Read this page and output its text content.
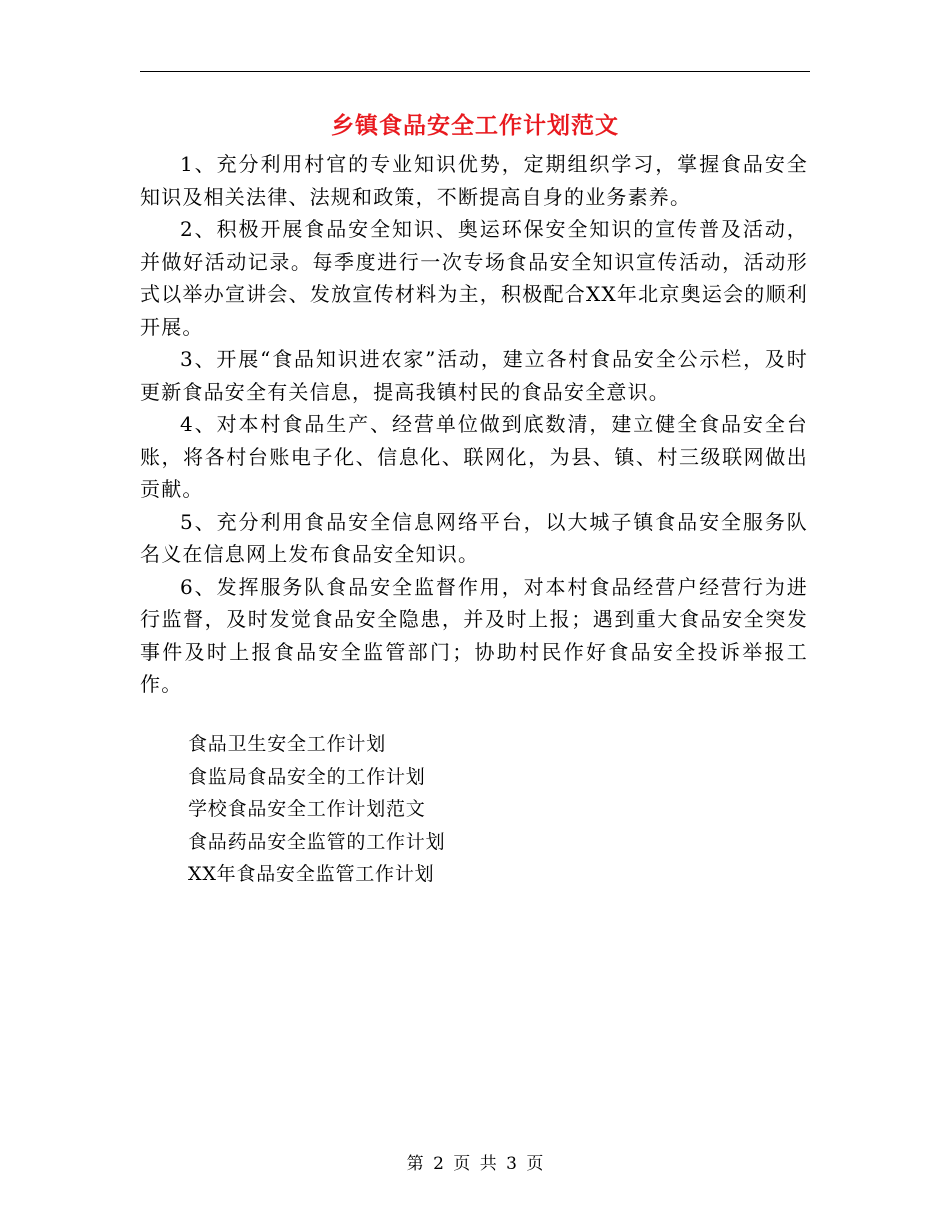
乡镇食品安全工作计划范文

1、充分利用村官的专业知识优势，定期组织学习，掌握食品安全知识及相关法律、法规和政策，不断提高自身的业务素养。

2、积极开展食品安全知识、奥运环保安全知识的宣传普及活动，并做好活动记录。每季度进行一次专场食品安全知识宣传活动，活动形式以举办宣讲会、发放宣传材料为主，积极配合XX年北京奥运会的顺利开展。

3、开展“食品知识进农家”活动，建立各村食品安全公示栏，及时更新食品安全有关信息，提高我镇村民的食品安全意识。

4、对本村食品生产、经营单位做到底数清，建立健全食品安全台账，将各村台账电子化、信息化、联网化，为县、镇、村三级联网做出贡献。

5、充分利用食品安全信息网络平台，以大城子镇食品安全服务队名义在信息网上发布食品安全知识。

6、发挥服务队食品安全监督作用，对本村食品经营户经营行为进行监督，及时发觉食品安全隐患，并及时上报；遇到重大食品安全突发事件及时上报食品安全监管部门；协助村民作好食品安全投诉举报工作。

食品卫生安全工作计划
食监局食品安全的工作计划
学校食品安全工作计划范文
食品药品安全监管的工作计划
XX年食品安全监管工作计划
第 2 页 共 3 页
